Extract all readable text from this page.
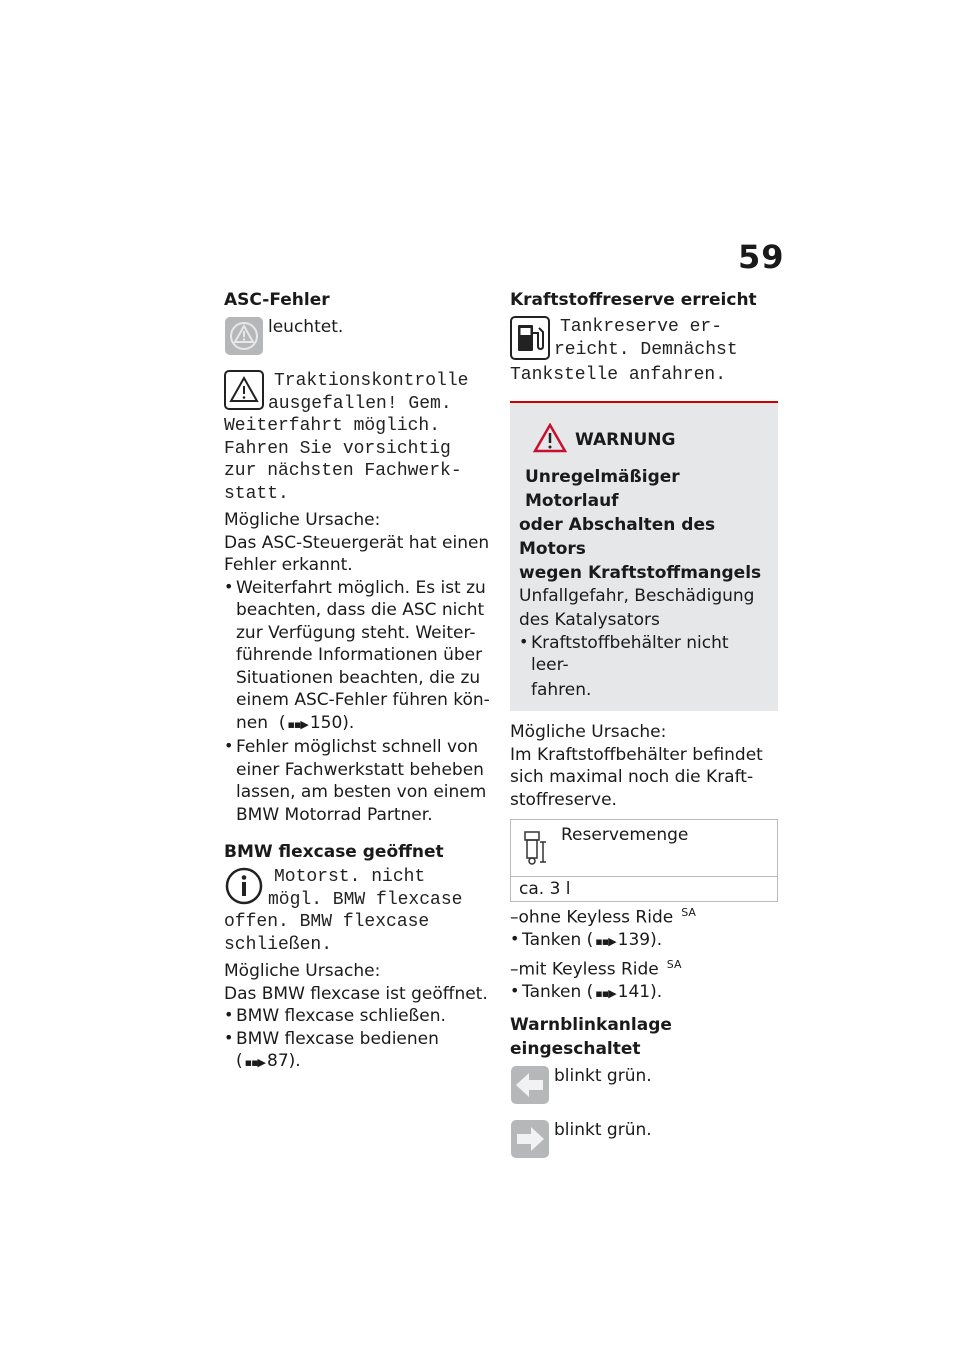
59
ASC-Fehler

leuchtet.

Traktionskontrolle
ausgefallen! Gem.
Weiterfahrt möglich.
Fahren Sie vorsichtig
zur nächsten Fachwerk-
statt.

Mögliche Ursache:

Das ASC-Steuergerät hat einen

Fehler erkannt.

• Weiterfahrt möglich. Es ist zu

beachten, dass die ASC nicht

zur Verfügung steht. Weiter-

führende Informationen über

Situationen beachten, die zu

einem ASC-Fehler führen kön-

nen  ( ▪▪▶ 150).

• Fehler möglichst schnell von

einer Fachwerkstatt beheben

lassen, am besten von einem

BMW Motorrad Partner.

BMW flexcase geöffnet
Motorst. nicht
mögl. BMW flexcase
offen. BMW flexcase
schließen.

Mögliche Ursache:

Das BMW flexcase ist geöffnet.

• BMW flexcase schließen.

• BMW flexcase bedienen

( ▪▪▶ 87).

Kraftstoffreserve erreicht
Tankreserve er-
reicht. Demnächst
Tankstelle anfahren.
WARNUNG
Unregelmäßiger Motorlauf
oder Abschalten des Motors
wegen Kraftstoffmangels

Unfallgefahr, Beschädigung

des Katalysators

• Kraftstoffbehälter nicht leer-

fahren.

Mögliche Ursache:

Im Kraftstoffbehälter befindet

sich maximal noch die Kraft-

stoffreserve.

Reservemenge

ca. 3 l

–ohne Keyless Ride $^{SA}$

• Tanken ( ▪▪▶ 139).

–mit Keyless Ride $^{SA}$

• Tanken ( ▪▪▶ 141).

Warnblinkanlage
eingeschaltet

blinkt grün.

blinkt grün.
